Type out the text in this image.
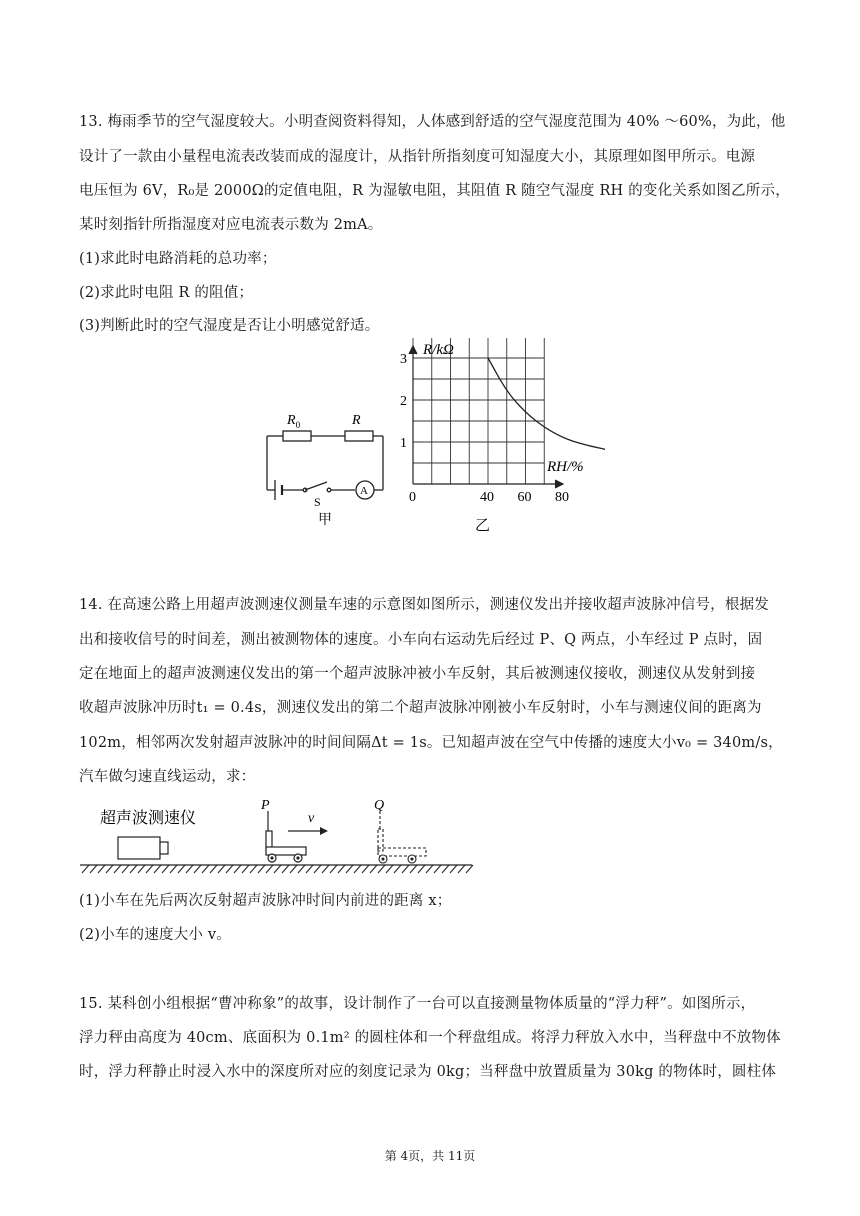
13. 梅雨季节的空气湿度较大。小明查阅资料得知，人体感到舒适的空气湿度范围为 40% ～60%，为此，他
设计了一款由小量程电流表改装而成的湿度计，从指针所指刻度可知湿度大小，其原理如图甲所示。电源
电压恒为 6V，R₀是 2000Ω的定值电阻，R 为湿敏电阻，其阻值 R 随空气湿度 RH 的变化关系如图乙所示，
某时刻指针所指湿度对应电流表示数为 2mA。
(1)求此时电路消耗的总功率；
(2)求此时电阻 R 的阻值；
(3)判断此时的空气湿度是否让小明感觉舒适。
$R_0$	R
S
A
甲
R/kΩ
RH/%
0	40 60 80
1
2
3
乙
14. 在高速公路上用超声波测速仪测量车速的示意图如图所示，测速仪发出并接收超声波脉冲信号，根据发
出和接收信号的时间差，测出被测物体的速度。小车向右运动先后经过 P、Q 两点，小车经过 P 点时，固
定在地面上的超声波测速仪发出的第一个超声波脉冲被小车反射，其后被测速仪接收，测速仪从发射到接
收超声波脉冲历时t₁ = 0.4s，测速仪发出的第二个超声波脉冲刚被小车反射时，小车与测速仪间的距离为
102m，相邻两次发射超声波脉冲的时间间隔Δt = 1s。已知超声波在空气中传播的速度大小v₀ = 340m/s，
汽车做匀速直线运动，求：
超声波测速仪
P
v
Q
(1)小车在先后两次反射超声波脉冲时间内前进的距离 x；
(2)小车的速度大小 v。
15. 某科创小组根据“曹冲称象”的故事，设计制作了一台可以直接测量物体质量的“浮力秤”。如图所示，
浮力秤由高度为 40cm、底面积为 0.1m² 的圆柱体和一个秤盘组成。将浮力秤放入水中，当秤盘中不放物体
时，浮力秤静止时浸入水中的深度所对应的刻度记录为 0kg；当秤盘中放置质量为 30kg 的物体时，圆柱体
第 4页，共 11页
